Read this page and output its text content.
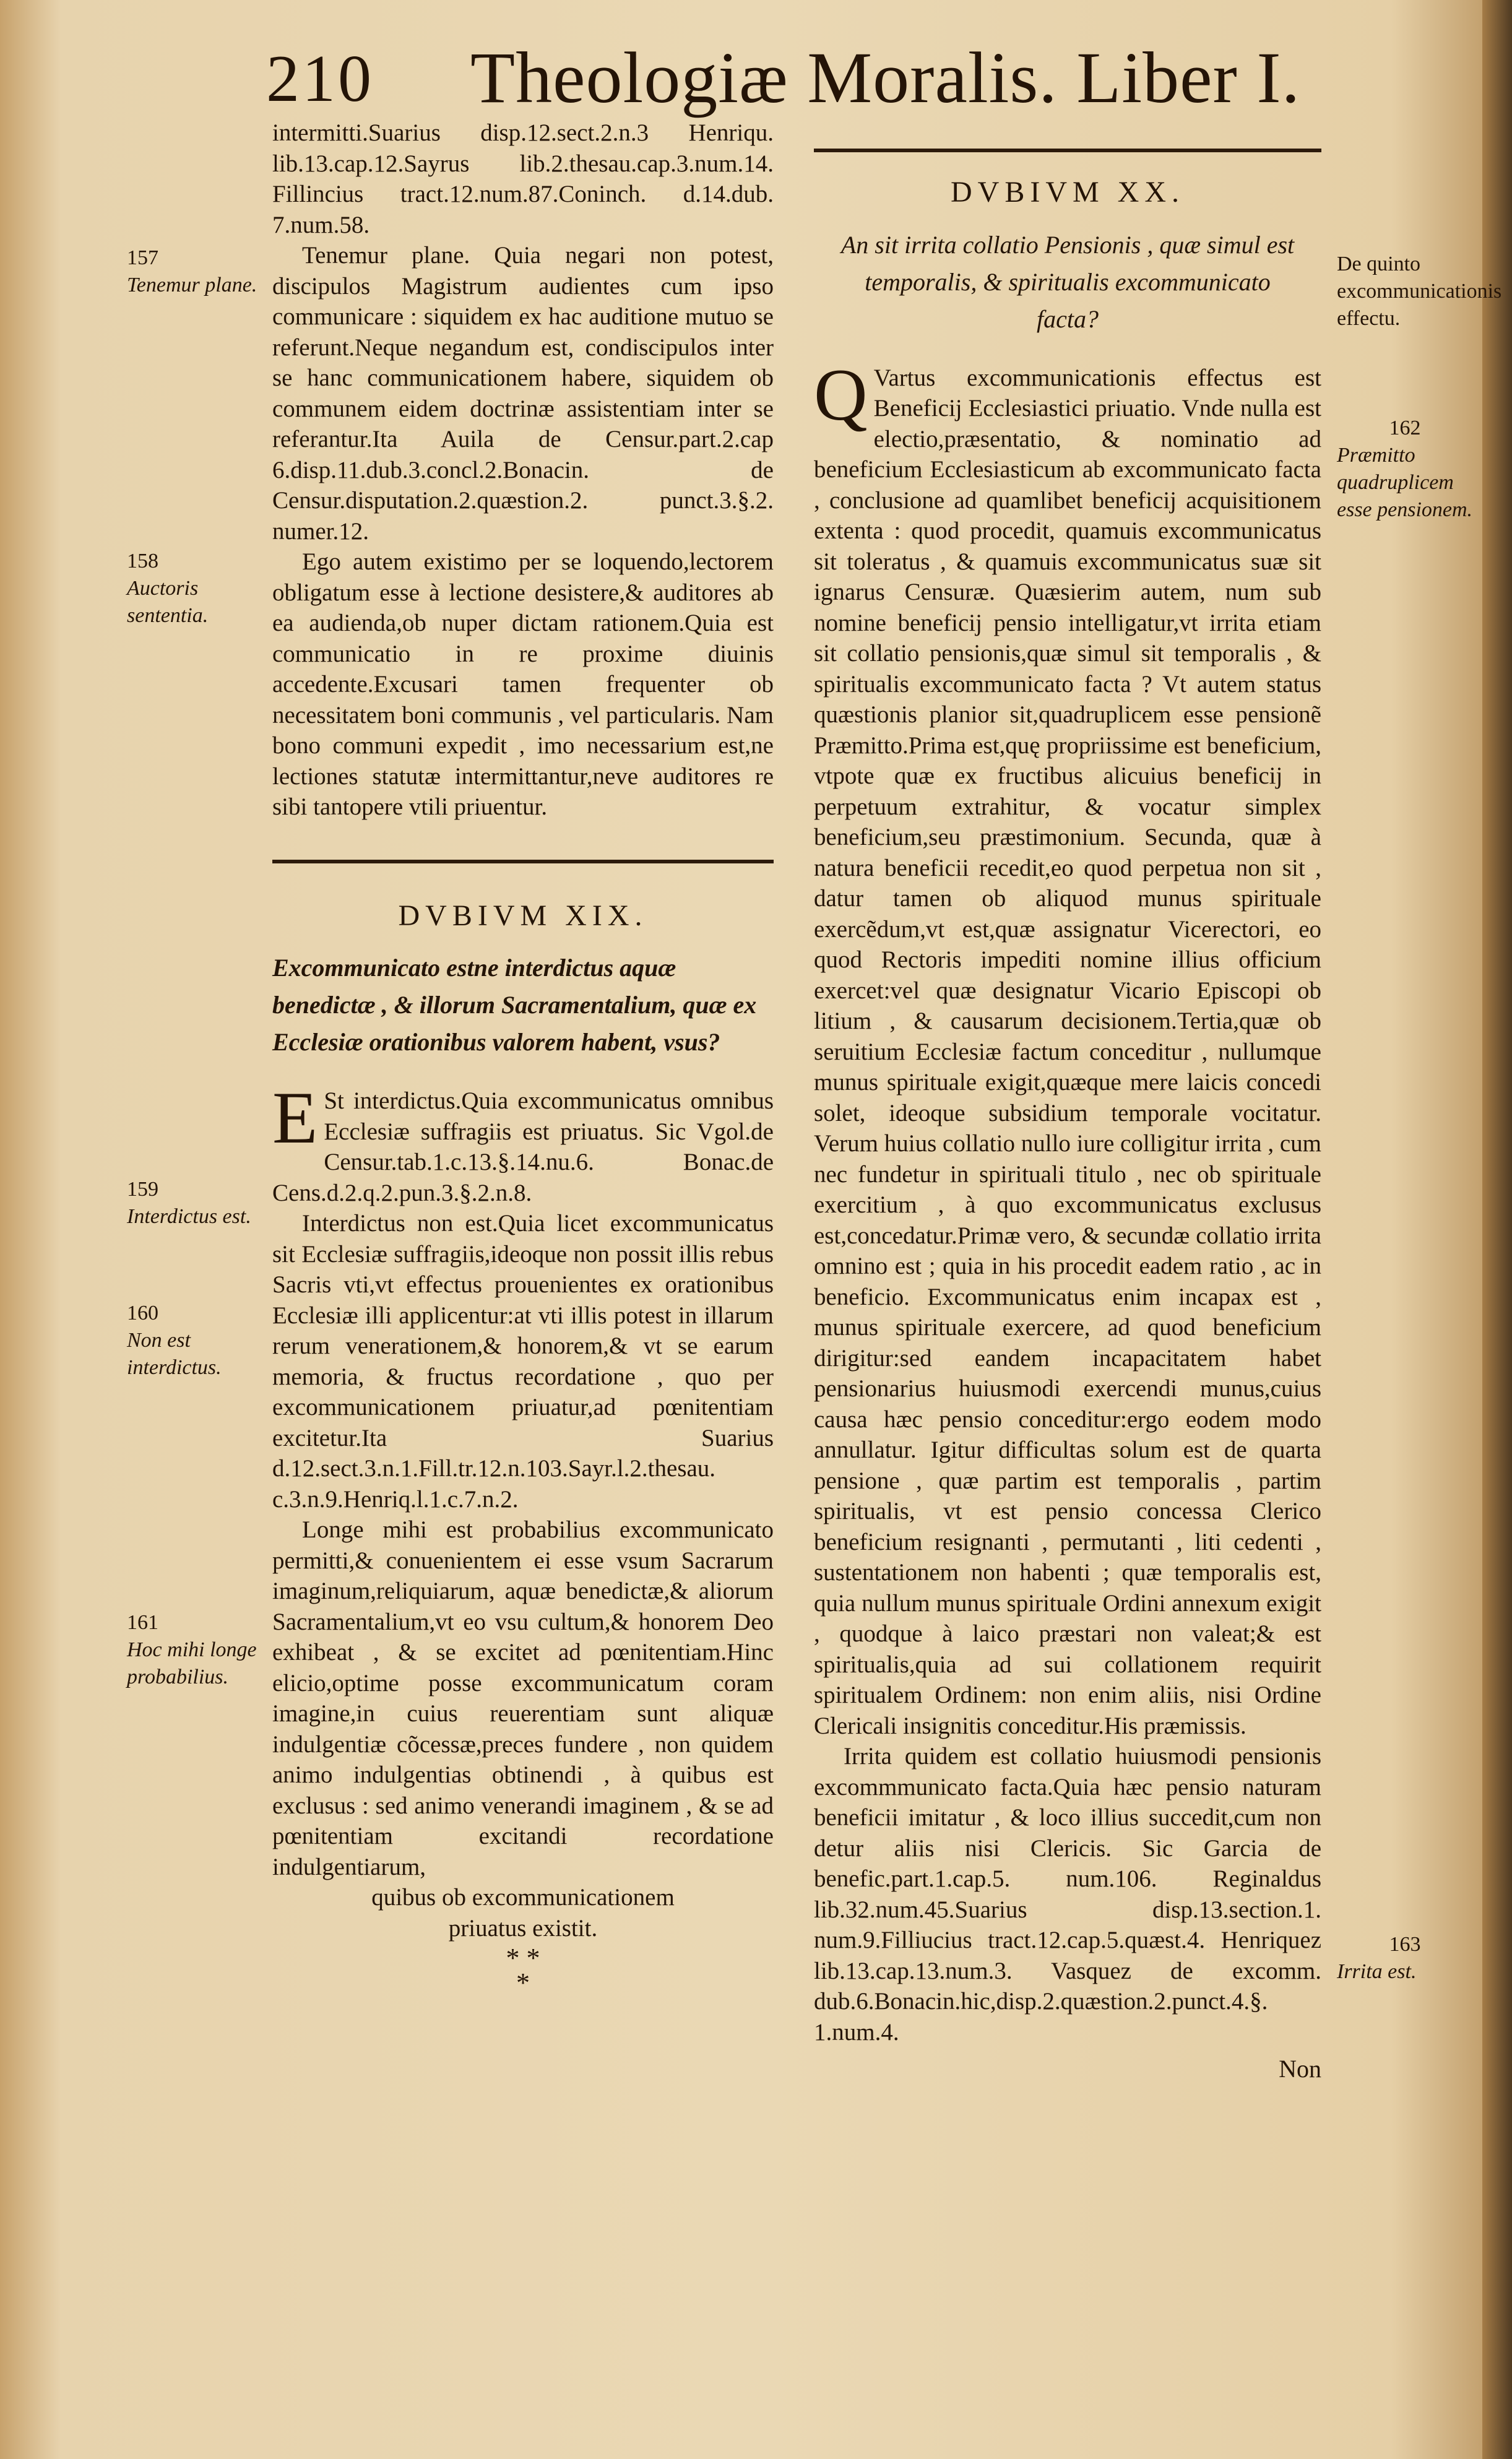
210 Theologiæ Moralis. Liber I.

intermitti.Suarius disp.12.sect.2.n.3 Henriqu. lib.13.cap.12.Sayrus lib.2.thesau.cap.3.num.14. Fillincius tract.12.num.87.Coninch. d.14.dub. 7.num.58.

Tenemur plane. Quia negari non potest, discipulos Magistrum audientes cum ipso communicare : siquidem ex hac auditione mutuo se referunt.Neque negandum est, condiscipulos inter se hanc communicationem habere, siquidem ob communem eidem doctrinæ assistentiam inter se referantur.Ita Auila de Censur.part.2.cap 6.disp.11.dub.3.concl.2.Bonacin. de Censur.disputation.2.quæstion.2. punct.3.§.2. numer.12.

Ego autem existimo per se loquendo,lectorem obligatum esse à lectione desistere,& auditores ab ea audienda,ob nuper dictam rationem.Quia est communicatio in re proxime diuinis accedente.Excusari tamen frequenter ob necessitatem boni communis , vel particularis. Nam bono communi expedit , imo necessarium est,ne lectiones statutæ intermittantur,neve auditores re sibi tantopere vtili priuentur.

DVBIVM XIX.
Excommunicato estne interdictus aquæ benedictæ , & illorum Sacramentalium, quæ ex Ecclesiæ orationibus valorem habent, vsus?

E St interdictus.Quia excommunicatus omnibus Ecclesiæ suffragiis est priuatus. Sic Vgol.de Censur.tab.1.c.13.§.14.nu.6. Bonac.de Cens.d.2.q.2.pun.3.§.2.n.8.

Interdictus non est.Quia licet excommunicatus sit Ecclesiæ suffragiis,ideoque non possit illis rebus Sacris vti,vt effectus prouenientes ex orationibus Ecclesiæ illi applicentur:at vti illis potest in illarum rerum venerationem,& honorem,& vt se earum memoria, & fructus recordatione , quo per excommunicationem priuatur,ad pœnitentiam excitetur.Ita Suarius d.12.sect.3.n.1.Fill.tr.12.n.103.Sayr.l.2.thesau. c.3.n.9.Henriq.l.1.c.7.n.2.

Longe mihi est probabilius excommunicato permitti,& conuenientem ei esse vsum Sacrarum imaginum,reliquiarum, aquæ benedictæ,& aliorum Sacramentalium,vt eo vsu cultum,& honorem Deo exhibeat , & se excitet ad pœnitentiam.Hinc elicio,optime posse excommunicatum coram imagine,in cuius reuerentiam sunt aliquæ indulgentiæ cõcessæ,preces fundere , non quidem animo indulgentias obtinendi , à quibus est exclusus : sed animo venerandi imaginem , & se ad pœnitentiam excitandi recordatione indulgentiarum,

quibus ob excommunicationem

priuatus existit.

* *
*
DVBIVM XX.
An sit irrita collatio Pensionis , quæ simul est temporalis, & spiritualis excommunicato facta?

Q Vartus excommunicationis effectus est Beneficij Ecclesiastici priuatio. Vnde nulla est electio,præsentatio, & nominatio ad beneficium Ecclesiasticum ab excommunicato facta , conclusione ad quamlibet beneficij acquisitionem extenta : quod procedit, quamuis excommunicatus sit toleratus , & quamuis excommunicatus suæ sit ignarus Censuræ. Quæsierim autem, num sub nomine beneficij pensio intelligatur,vt irrita etiam sit collatio pensionis,quæ simul sit temporalis , & spiritualis excommunicato facta ? Vt autem status quæstionis planior sit,quadruplicem esse pensionẽ Præmitto.Prima est,quę propriissime est beneficium, vtpote quæ ex fructibus alicuius beneficij in perpetuum extrahitur, & vocatur simplex beneficium,seu præstimonium. Secunda, quæ à natura beneficii recedit,eo quod perpetua non sit , datur tamen ob aliquod munus spirituale exercẽdum,vt est,quæ assignatur Vicerectori, eo quod Rectoris impediti nomine illius officium exercet:vel quæ designatur Vicario Episcopi ob litium , & causarum decisionem.Tertia,quæ ob seruitium Ecclesiæ factum conceditur , nullumque munus spirituale exigit,quæque mere laicis concedi solet, ideoque subsidium temporale vocitatur. Verum huius collatio nullo iure colligitur irrita , cum nec fundetur in spirituali titulo , nec ob spirituale exercitium , à quo excommunicatus exclusus est,concedatur.Primæ vero, & secundæ collatio irrita omnino est ; quia in his procedit eadem ratio , ac in beneficio. Excommunicatus enim incapax est , munus spirituale exercere, ad quod beneficium dirigitur:sed eandem incapacitatem habet pensionarius huiusmodi exercendi munus,cuius causa hæc pensio conceditur:ergo eodem modo annullatur. Igitur difficultas solum est de quarta pensione , quæ partim est temporalis , partim spiritualis, vt est pensio concessa Clerico beneficium resignanti , permutanti , liti cedenti , sustentationem non habenti ; quæ temporalis est, quia nullum munus spirituale Ordini annexum exigit , quodque à laico præstari non valeat;& est spiritualis,quia ad sui collationem requirit spiritualem Ordinem: non enim aliis, nisi Ordine Clericali insignitis conceditur.His præmissis.

Irrita quidem est collatio huiusmodi pensionis excommmunicato facta.Quia hæc pensio naturam beneficii imitatur , & loco illius succedit,cum non detur aliis nisi Clericis. Sic Garcia de benefic.part.1.cap.5. num.106. Reginaldus lib.32.num.45.Suarius disp.13.section.1. num.9.Filliucius tract.12.cap.5.quæst.4. Henriquez lib.13.cap.13.num.3. Vasquez de excomm. dub.6.Bonacin.hic,disp.2.quæstion.2.punct.4.§. 1.num.4.

Non
157
Tenemur plane.
158
Auctoris sententia.
159
Interdictus est.
160
Non est interdictus.
161
Hoc mihi longe probabilius.
De quinto excommunicationis effectu.
162
Præmitto quadruplicem esse pensionem.
163
Irrita est.
